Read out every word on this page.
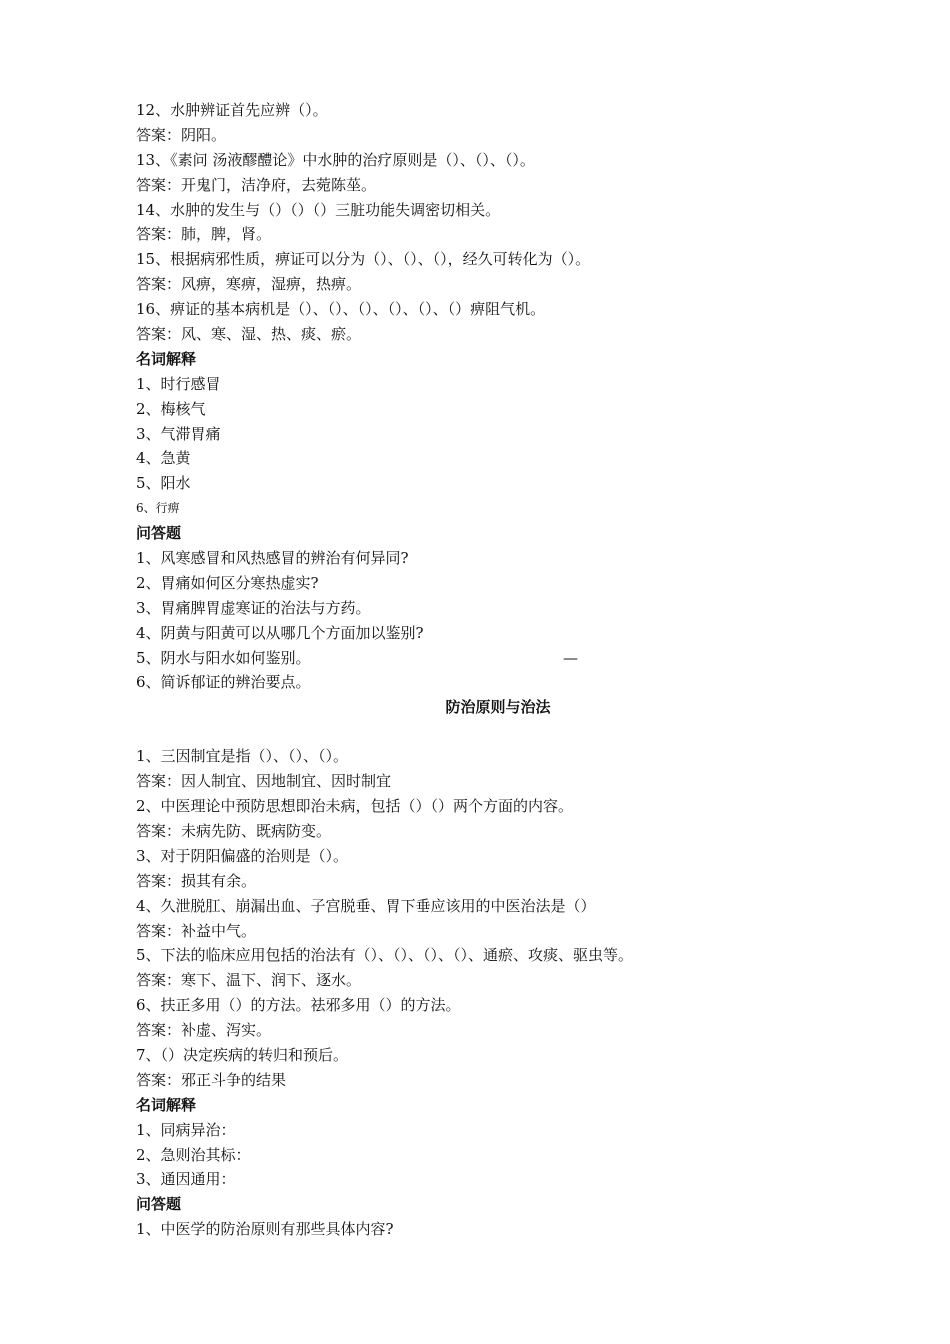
12、水肿辨证首先应辨（）。
答案：阴阳。
13、《素问 汤液醪醴论》中水肿的治疗原则是（）、（）、（）。
答案：开鬼门，洁净府，去菀陈莝。
14、水肿的发生与（）（）（）三脏功能失调密切相关。
答案：肺，脾，肾。
15、根据病邪性质，痹证可以分为（）、（）、（），经久可转化为（）。
答案：风痹，寒痹，湿痹，热痹。
16、痹证的基本病机是（）、（）、（）、（）、（）、（）痹阻气机。
答案：风、寒、湿、热、痰、瘀。
名词解释
1、时行感冒
2、梅核气
3、气滞胃痛
4、急黄
5、阳水
6、行痹
问答题
1、风寒感冒和风热感冒的辨治有何异同?
2、胃痛如何区分寒热虚实?
3、胃痛脾胃虚寒证的治法与方药。
4、阴黄与阳黄可以从哪几个方面加以鉴别?
5、阴水与阳水如何鉴别。	—
6、简诉郁证的辨治要点。
防治原则与治法
1、三因制宜是指（）、（）、（）。
答案：因人制宜、因地制宜、因时制宜
2、中医理论中预防思想即治未病，包括（）（）两个方面的内容。
答案：未病先防、既病防变。
3、对于阴阳偏盛的治则是（）。
答案：损其有余。
4、久泄脱肛、崩漏出血、子宫脱垂、胃下垂应该用的中医治法是（）
答案：补益中气。
5、下法的临床应用包括的治法有（）、（）、（）、（）、通瘀、攻痰、驱虫等。
答案：寒下、温下、润下、逐水。
6、扶正多用（）的方法。祛邪多用（）的方法。
答案：补虚、泻实。
7、（）决定疾病的转归和预后。
答案：邪正斗争的结果
名词解释
1、同病异治：
2、急则治其标：
3、通因通用：
问答题
1、中医学的防治原则有那些具体内容?
